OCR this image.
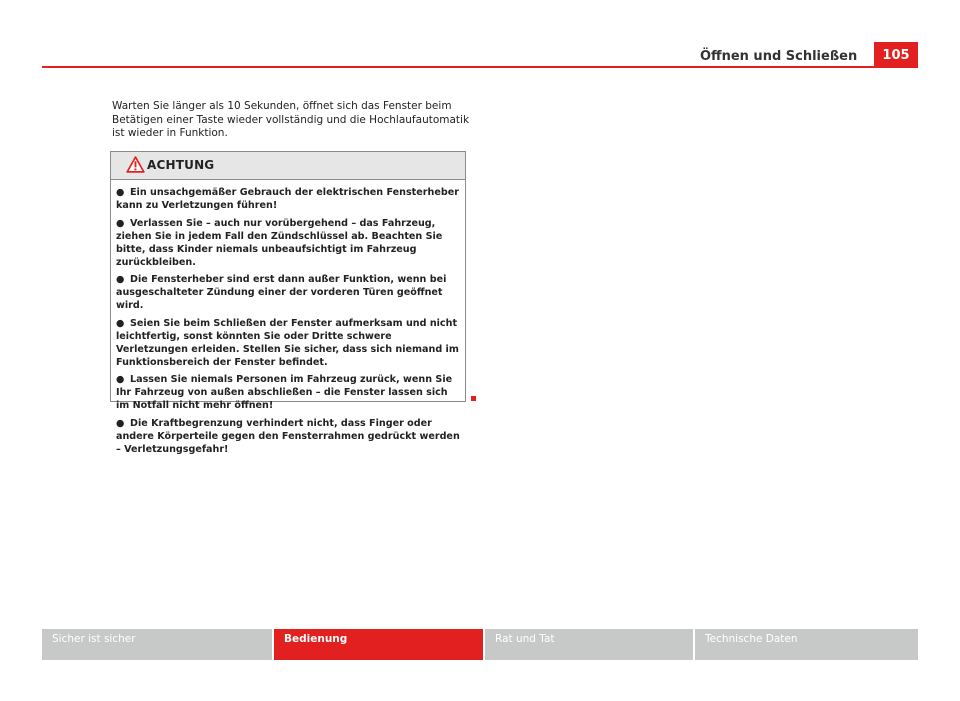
Öffnen und Schließen	105
Warten Sie länger als 10 Sekunden, öffnet sich das Fenster beim Betätigen einer Taste wieder vollständig und die Hochlaufautomatik ist wieder in Funktion.
ACHTUNG
● Ein unsachgemäßer Gebrauch der elektrischen Fensterheber kann zu Verletzungen führen!
● Verlassen Sie – auch nur vorübergehend – das Fahrzeug, ziehen Sie in jedem Fall den Zündschlüssel ab. Beachten Sie bitte, dass Kinder niemals unbeaufsichtigt im Fahrzeug zurückbleiben.
● Die Fensterheber sind erst dann außer Funktion, wenn bei ausgeschalteter Zündung einer der vorderen Türen geöffnet wird.
● Seien Sie beim Schließen der Fenster aufmerksam und nicht leichtfertig, sonst könnten Sie oder Dritte schwere Verletzungen erleiden. Stellen Sie sicher, dass sich niemand im Funktionsbereich der Fenster befindet.
● Lassen Sie niemals Personen im Fahrzeug zurück, wenn Sie Ihr Fahrzeug von außen abschließen – die Fenster lassen sich im Notfall nicht mehr öffnen!
● Die Kraftbegrenzung verhindert nicht, dass Finger oder andere Körperteile gegen den Fensterrahmen gedrückt werden – Verletzungsgefahr!
Sicher ist sicher	Bedienung	Rat und Tat	Technische Daten
